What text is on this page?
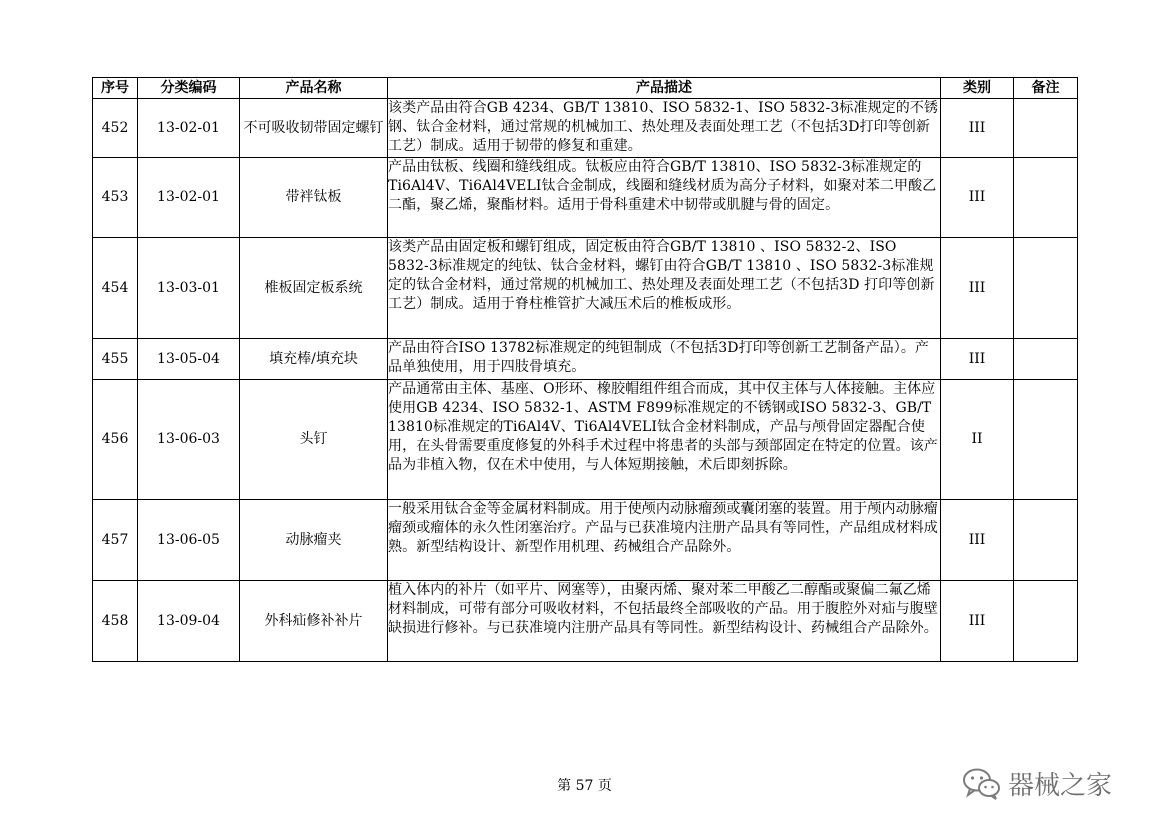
序号	分类编码	产品名称	产品描述	类别	备注
452	13-02-01	不可吸收韧带固定螺钉	该类产品由符合GB 4234、GB/T 13810、ISO 5832-1、ISO 5832-3标准规定的不锈钢、钛合金材料，通过常规的机械加工、热处理及表面处理工艺（不包括3D打印等创新工艺）制成。适用于韧带的修复和重建。	III	
453	13-02-01	带袢钛板	产品由钛板、线圈和缝线组成。钛板应由符合GB/T 13810、ISO 5832-3标准规定的Ti6Al4V、Ti6Al4VELI钛合金制成，线圈和缝线材质为高分子材料，如聚对苯二甲酸乙二酯，聚乙烯，聚酯材料。适用于骨科重建术中韧带或肌腱与骨的固定。	III	
454	13-03-01	椎板固定板系统	该类产品由固定板和螺钉组成，固定板由符合GB/T 13810 、ISO 5832-2、ISO 5832-3标准规定的纯钛、钛合金材料，螺钉由符合GB/T 13810 、ISO 5832-3标准规定的钛合金材料，通过常规的机械加工、热处理及表面处理工艺（不包括3D 打印等创新工艺）制成。适用于脊柱椎管扩大减压术后的椎板成形。	III	
455	13-05-04	填充棒/填充块	产品由符合ISO 13782标准规定的纯钽制成（不包括3D打印等创新工艺制备产品）。产品单独使用，用于四肢骨填充。	III	
456	13-06-03	头钉	产品通常由主体、基座、O形环、橡胶帽组件组合而成，其中仅主体与人体接触。主体应使用GB 4234、ISO 5832-1、ASTM F899标准规定的不锈钢或ISO 5832-3、GB/T 13810标准规定的Ti6Al4V、Ti6Al4VELI钛合金材料制成，产品与颅骨固定器配合使用，在头骨需要重度修复的外科手术过程中将患者的头部与颈部固定在特定的位置。该产品为非植入物，仅在术中使用，与人体短期接触，术后即刻拆除。	II	
457	13-06-05	动脉瘤夹	一般采用钛合金等金属材料制成。用于使颅内动脉瘤颈或囊闭塞的装置。用于颅内动脉瘤瘤颈或瘤体的永久性闭塞治疗。产品与已获准境内注册产品具有等同性，产品组成材料成熟。新型结构设计、新型作用机理、药械组合产品除外。	III	
458	13-09-04	外科疝修补补片	植入体内的补片（如平片、网塞等），由聚丙烯、聚对苯二甲酸乙二醇酯或聚偏二氟乙烯材料制成，可带有部分可吸收材料，不包括最终全部吸收的产品。用于腹腔外对疝与腹壁缺损进行修补。与已获准境内注册产品具有等同性。新型结构设计、药械组合产品除外。	III	
第 57 页	器械之家
